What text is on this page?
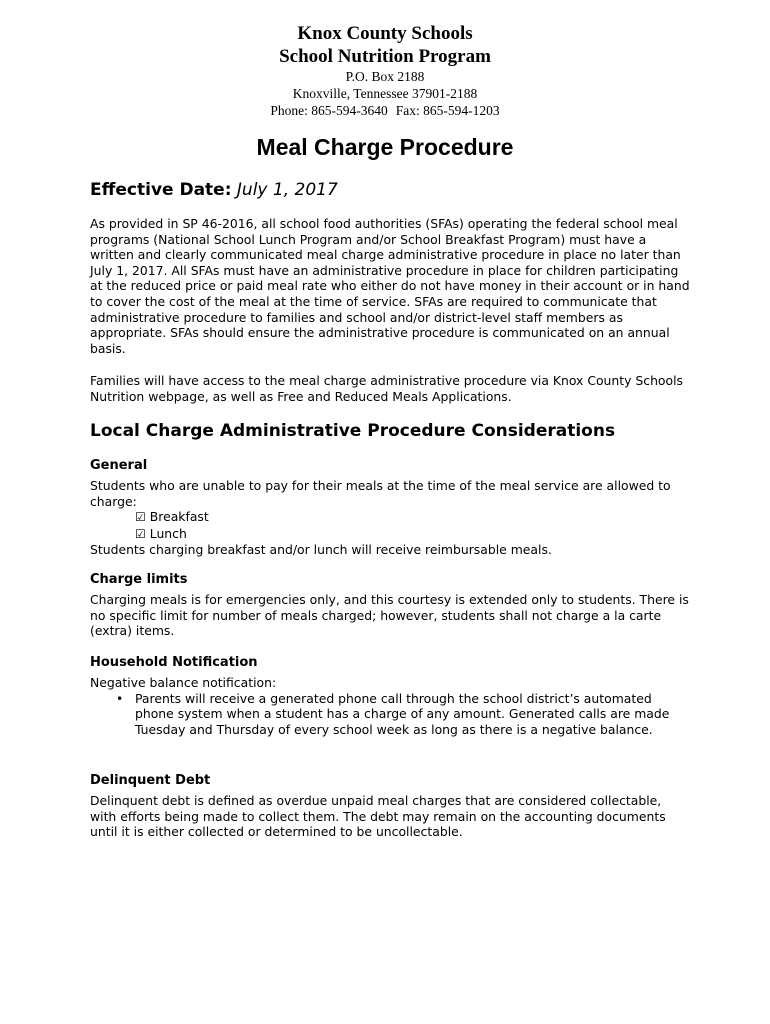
Knox County Schools
School Nutrition Program
P.O. Box 2188
Knoxville, Tennessee 37901-2188
Phone: 865-594-3640 Fax: 865-594-1203
Meal Charge Procedure
Effective Date: July 1, 2017

As provided in SP 46-2016, all school food authorities (SFAs) operating the federal school meal programs (National School Lunch Program and/or School Breakfast Program) must have a written and clearly communicated meal charge administrative procedure in place no later than July 1, 2017. All SFAs must have an administrative procedure in place for children participating at the reduced price or paid meal rate who either do not have money in their account or in hand to cover the cost of the meal at the time of service. SFAs are required to communicate that administrative procedure to families and school and/or district-level staff members as appropriate. SFAs should ensure the administrative procedure is communicated on an annual basis.

Families will have access to the meal charge administrative procedure via Knox County Schools Nutrition webpage, as well as Free and Reduced Meals Applications.

Local Charge Administrative Procedure Considerations
General

Students who are unable to pay for their meals at the time of the meal service are allowed to charge:

☑ Breakfast
☑ Lunch

Students charging breakfast and/or lunch will receive reimbursable meals.

Charge limits

Charging meals is for emergencies only, and this courtesy is extended only to students. There is no specific limit for number of meals charged; however, students shall not charge a la carte (extra) items.

Household Notification

Negative balance notification:

• Parents will receive a generated phone call through the school district’s automated phone system when a student has a charge of any amount. Generated calls are made Tuesday and Thursday of every school week as long as there is a negative balance.
Delinquent Debt

Delinquent debt is defined as overdue unpaid meal charges that are considered collectable, with efforts being made to collect them. The debt may remain on the accounting documents until it is either collected or determined to be uncollectable.
